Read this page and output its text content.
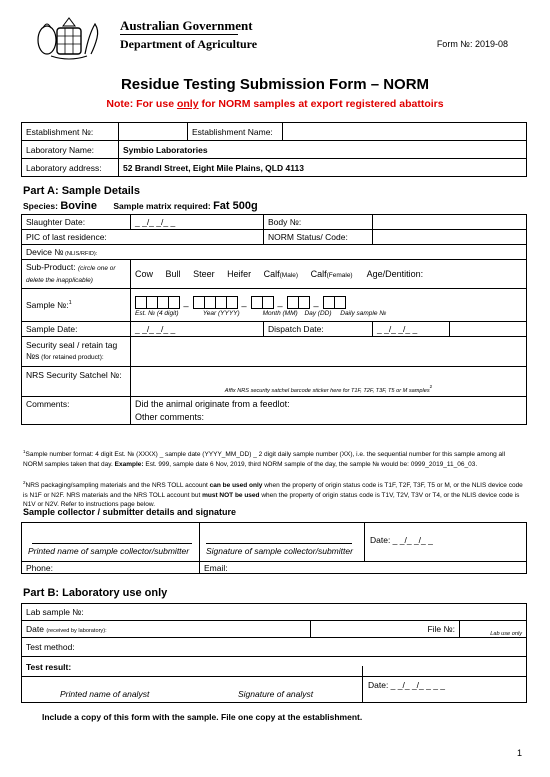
Australian Government
Department of Agriculture	Form №: 2019-08
Residue Testing Submission Form – NORM
Note: For use only for NORM samples at export registered abattoirs
Establishment №:		Establishment Name:	
Laboratory Name:	Symbio Laboratories		
Laboratory address:	52 Brandl Street, Eight Mile Plains, QLD 4113		
Part A: Sample Details
Species: Bovine Sample matrix required: Fat 500g
Slaughter Date:	_ _/_ _/_ _	Body №:		
PIC of last residence:		NORM Status/ Code:		
Device № (NLIS/RFID):				
Sub-Product: (circle one or delete the inapplicable)	Cow Bull Steer Heifer Calf(Male) Calf(Female) Age/Dentition:			
Sample №:$^1$	_ _ _ _
Est. № (4 digit) Year (YYYY) Month (MM) Day (DD) Daily sample №			

Sample Date:	_ _/_ _/_ _	Dispatch Date:	_ _/_ _/_ _	
Security seal / retain tag №s (for retained product):				
NRS Security Satchel №:	Affix NRS security satchel barcode sticker here for T1F, T2F, T3F, T5 or M samples$^2$
Comments:	Did the animal originate from a feedlot:
Other comments:			
$^1$Sample number format: 4 digit Est. № (XXXX) _ sample date (YYYY_MM_DD) _ 2 digit daily sample number (XX), i.e. the sequential number for this sample among all NORM samples taken that day. Example: Est. 999, sample date 6 Nov, 2019, third NORM sample of the day, the sample № would be: 0999_2019_11_06_03.
$^2$NRS packaging/sampling materials and the NRS TOLL account can be used only when the property of origin status code is T1F, T2F, T3F, T5 or M, or the NLIS device code is N1F or N2F. NRS materials and the NRS TOLL account but must NOT be used when the property of origin status code is T1V, T2V, T3V or T4, or the NLIS device code is N1V or N2V. Refer to instructions page below.
Sample collector / submitter details and signature
Printed name of sample collector/submitter Signature of sample collector/submitter
Date: _ _/_ _/_ _
Phone:	Email:
Part B: Laboratory use only
Lab sample №:
Date (received by laboratory):	File №:	Lab use only
Test method:
Test result:
Printed name of analyst	Signature of analyst
Date: _ _/_ _/_ _ _ _
Include a copy of this form with the sample. File one copy at the establishment.
1
